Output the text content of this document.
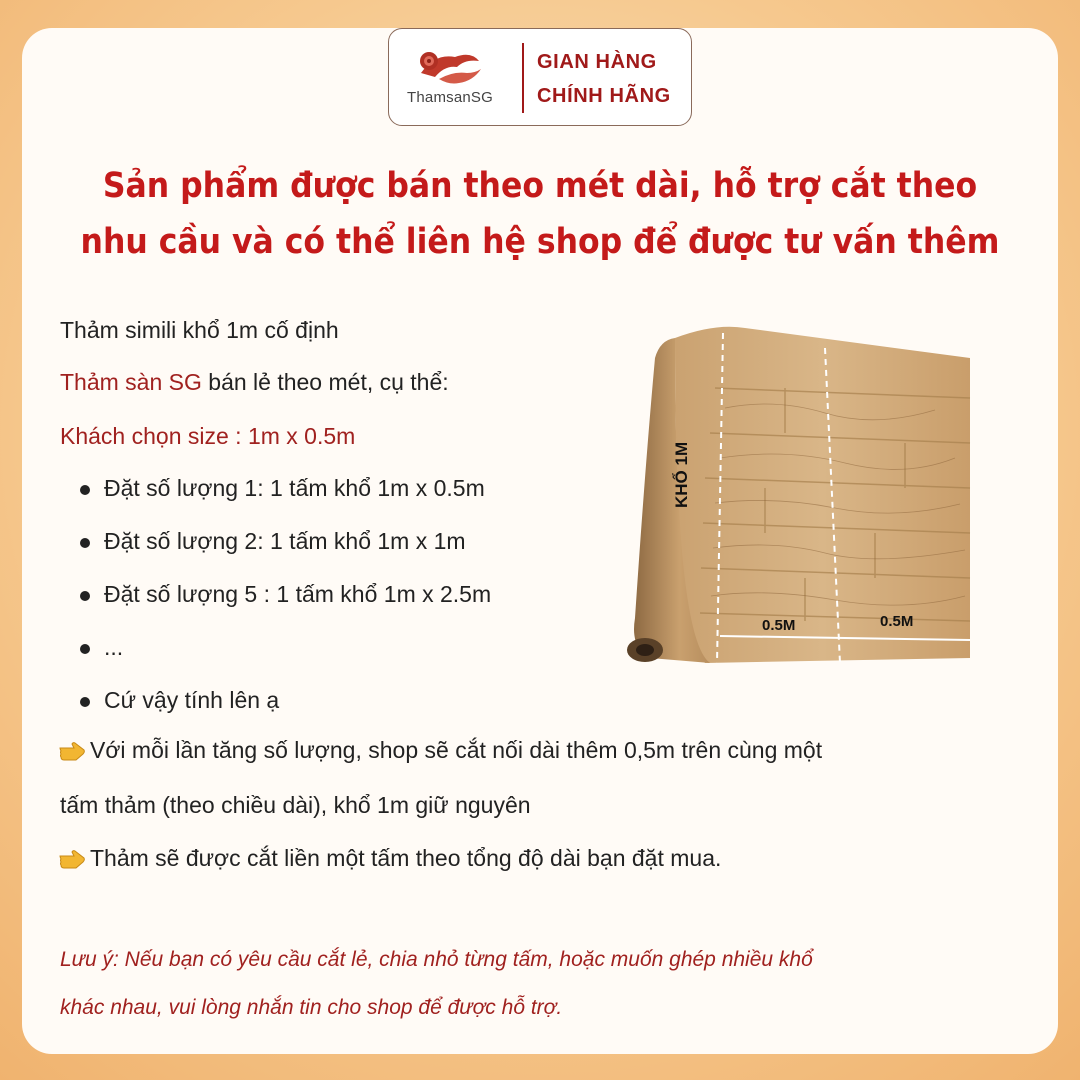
ThamsanSG
GIAN HÀNG
CHÍNH HÃNG

Sản phẩm được bán theo mét dài, hỗ trợ cắt theo

nhu cầu và có thể liên hệ shop để được tư vấn thêm

Thảm simili khổ 1m cố định
Thảm sàn SG bán lẻ theo mét, cụ thể:
Khách chọn size : 1m x 0.5m
Đặt số lượng 1: 1 tấm khổ 1m x 0.5m
Đặt số lượng 2: 1 tấm khổ 1m x 1m
Đặt số lượng 5 : 1 tấm khổ 1m x 2.5m
...
Cứ vậy tính lên ạ
Với mỗi lần tăng số lượng, shop sẽ cắt nối dài thêm 0,5m trên cùng một
tấm thảm (theo chiều dài), khổ 1m giữ nguyên
Thảm sẽ được cắt liền một tấm theo tổng độ dài bạn đặt mua.
Lưu ý: Nếu bạn có yêu cầu cắt lẻ, chia nhỏ từng tấm, hoặc muốn ghép nhiều khổ
khác nhau, vui lòng nhắn tin cho shop để được hỗ trợ.
KHỔ 1M
0.5M	0.5M
